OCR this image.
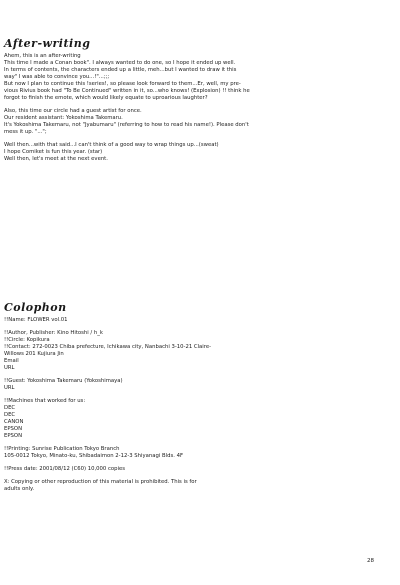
After-writing

Ahem, this is an after-writing
This time I made a Conan book". I always wanted to do one, so I hope it ended up well.
In terms of contents, the characters ended up a little, meh...but I wanted to draw it this
way" I was able to convince you...!"...;;;
But now I plan to continue this !series!, so please look forward to them...Er, well, my pre-
vious Rivius book had "To Be Continued" written in it, so...who knows! (Explosion) !! think he
forgot to finish the emote, which would likely equate to uproarious laughter?

Also, this time our circle had a guest artist for once.
Our resident assistant: Yokoshima Takemaru.
It's Yokoshima Takemaru, not "Jyabumaru" (referring to how to read his name!). Please don't
mess it up. "...";

Well then...with that said...I can't think of a good way to wrap things up...(sweat)
I hope Comiket is fun this year. (star)
Well then, let's meet at the next event.

Colophon
!!Name: FLOWER vol.01
!!Author, Publisher: Kino Hitoshi / h_k
!!Circle: Kopikura
!!Contact: 272-0023 Chiba prefecture, Ichikawa city, Nanbachi 3-10-21 Claire-
Willows 201 Kujiura Jin
Email
URL
!!Guest: Yokoshima Takemaru (Yokoshimaya)
URL
!!Machines that worked for us:
DEC
DEC
CANON
EPSON
EPSON
!!Printing: Sunrise Publication Tokyo Branch
105-0012 Tokyo, Minato-ku, Shibadaimon 2-12-3 Shiyanagi Blds. 4F
!!Press date: 2001/08/12 (C60) 10,000 copies

X: Copying or other reproduction of this material is prohibited. This is for
adults only.

28
